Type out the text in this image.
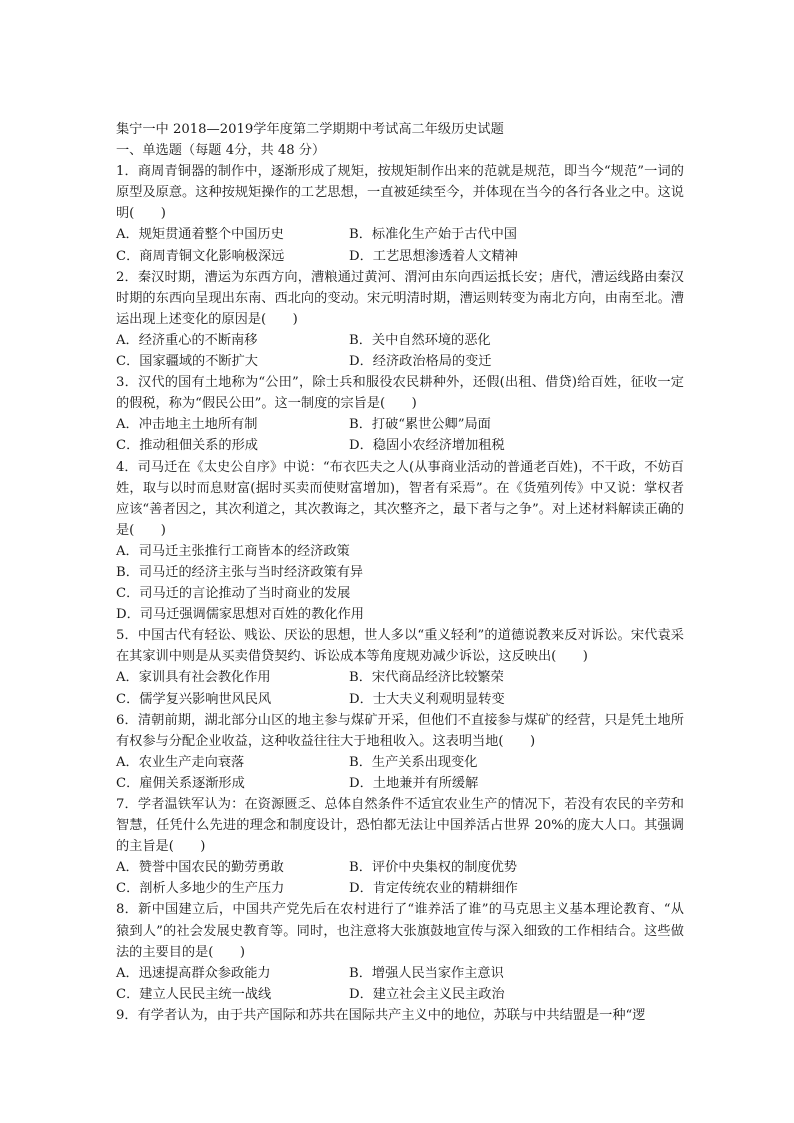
集宁一中 2018—2019学年度第二学期期中考试高二年级历史试题
一、单选题（每题 4分，共 48 分）
1．商周青铜器的制作中，逐渐形成了规矩，按规矩制作出来的范就是规范，即当今“规范”一词的原型及原意。这种按规矩操作的工艺思想，一直被延续至今，并体现在当今的各行各业之中。这说明(　　)
A．规矩贯通着整个中国历史	B．标准化生产始于古代中国
C．商周青铜文化影响极深远	D．工艺思想渗透着人文精神
2．秦汉时期，漕运为东西方向，漕粮通过黄河、渭河由东向西运抵长安；唐代，漕运线路由秦汉时期的东西向呈现出东南、西北向的变动。宋元明清时期，漕运则转变为南北方向，由南至北。漕运出现上述变化的原因是(　　)
A．经济重心的不断南移	B．关中自然环境的恶化
C．国家疆域的不断扩大	D．经济政治格局的变迁
3．汉代的国有土地称为“公田”，除士兵和服役农民耕种外，还假(出租、借贷)给百姓，征收一定的假税，称为“假民公田”。这一制度的宗旨是(　　)
A．冲击地主土地所有制	B．打破“累世公卿”局面
C．推动租佃关系的形成	D．稳固小农经济增加租税
4．司马迁在《太史公自序》中说：“布衣匹夫之人(从事商业活动的普通老百姓)，不干政，不妨百姓，取与以时而息财富(据时买卖而使财富增加)，智者有采焉”。在《货殖列传》中又说：掌权者应该“善者因之，其次利道之，其次教诲之，其次整齐之，最下者与之争”。对上述材料解读正确的是(　　)
A．司马迁主张推行工商皆本的经济政策
B．司马迁的经济主张与当时经济政策有异
C．司马迁的言论推动了当时商业的发展
D．司马迁强调儒家思想对百姓的教化作用
5．中国古代有轻讼、贱讼、厌讼的思想，世人多以“重义轻利”的道德说教来反对诉讼。宋代袁采在其家训中则是从买卖借贷契约、诉讼成本等角度规劝减少诉讼，这反映出(　　)
A．家训具有社会教化作用	B．宋代商品经济比较繁荣
C．儒学复兴影响世风民风	D．士大夫义利观明显转变
6．清朝前期，湖北部分山区的地主参与煤矿开采，但他们不直接参与煤矿的经营，只是凭土地所有权参与分配企业收益，这种收益往往大于地租收入。这表明当地(　　)
A．农业生产走向衰落	B．生产关系出现变化
C．雇佣关系逐渐形成	D．土地兼并有所缓解
7．学者温铁军认为：在资源匮乏、总体自然条件不适宜农业生产的情况下，若没有农民的辛劳和智慧，任凭什么先进的理念和制度设计，恐怕都无法让中国养活占世界 20%的庞大人口。其强调的主旨是(　　)
A．赞誉中国农民的勤劳勇敢	B．评价中央集权的制度优势
C．剖析人多地少的生产压力	D．肯定传统农业的精耕细作
8．新中国建立后，中国共产党先后在农村进行了“谁养活了谁”的马克思主义基本理论教育、“从猿到人”的社会发展史教育等。同时，也注意将大张旗鼓地宣传与深入细致的工作相结合。这些做法的主要目的是(　　)
A．迅速提高群众参政能力	B．增强人民当家作主意识
C．建立人民民主统一战线	D．建立社会主义民主政治
9．有学者认为，由于共产国际和苏共在国际共产主义中的地位，苏联与中共结盟是一种“逻
